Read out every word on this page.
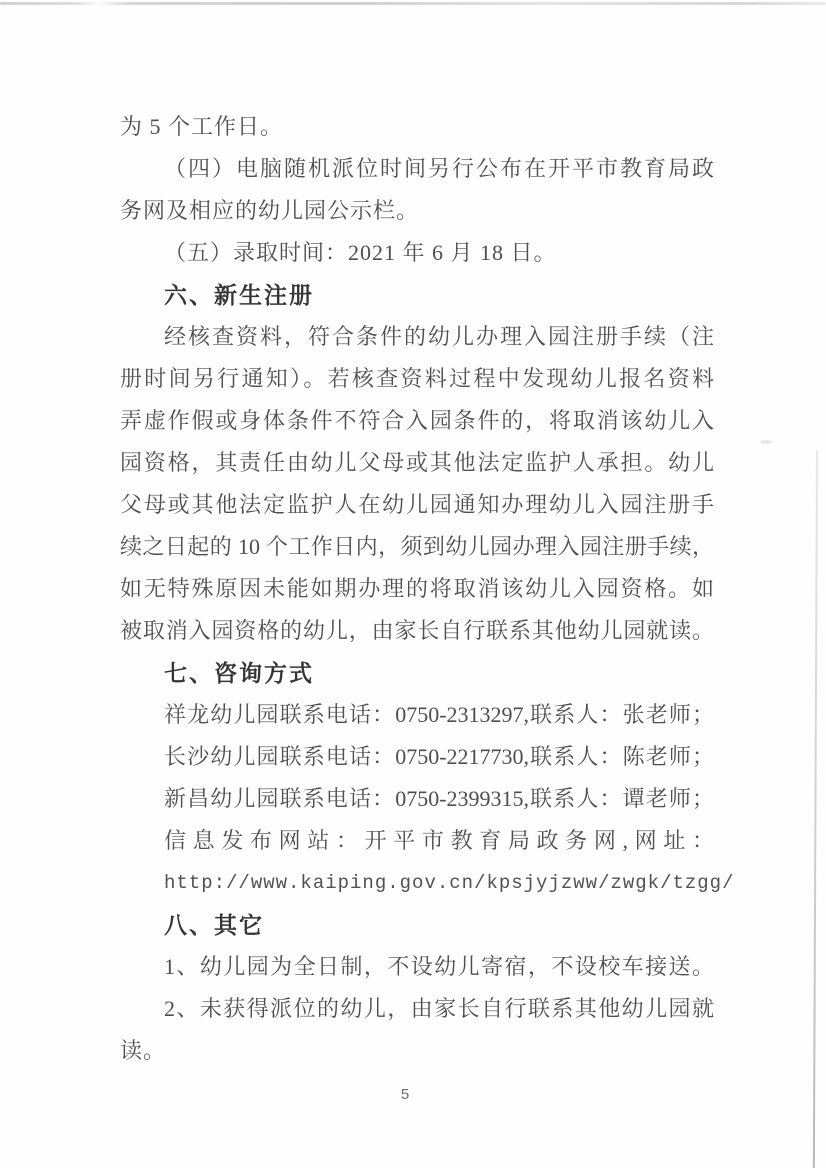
为 5 个工作日。
（四）电脑随机派位时间另行公布在开平市教育局政
务网及相应的幼儿园公示栏。
（五）录取时间：2021 年 6 月 18 日。
六、新生注册
经核查资料，符合条件的幼儿办理入园注册手续（注
册时间另行通知）。若核查资料过程中发现幼儿报名资料
弄虚作假或身体条件不符合入园条件的，将取消该幼儿入
园资格，其责任由幼儿父母或其他法定监护人承担。幼儿
父母或其他法定监护人在幼儿园通知办理幼儿入园注册手
续之日起的 10 个工作日内，须到幼儿园办理入园注册手续，
如无特殊原因未能如期办理的将取消该幼儿入园资格。如
被取消入园资格的幼儿，由家长自行联系其他幼儿园就读。
七、咨询方式
祥龙幼儿园联系电话：0750-2313297,联系人：张老师；
长沙幼儿园联系电话：0750-2217730,联系人：陈老师；
新昌幼儿园联系电话：0750-2399315,联系人：谭老师；
信息发布网站：开平市教育局政务网,网址：
http://www.kaiping.gov.cn/kpsjyjzww/zwgk/tzgg/
八、其它
1、幼儿园为全日制，不设幼儿寄宿，不设校车接送。
2、未获得派位的幼儿，由家长自行联系其他幼儿园就
读。
5
